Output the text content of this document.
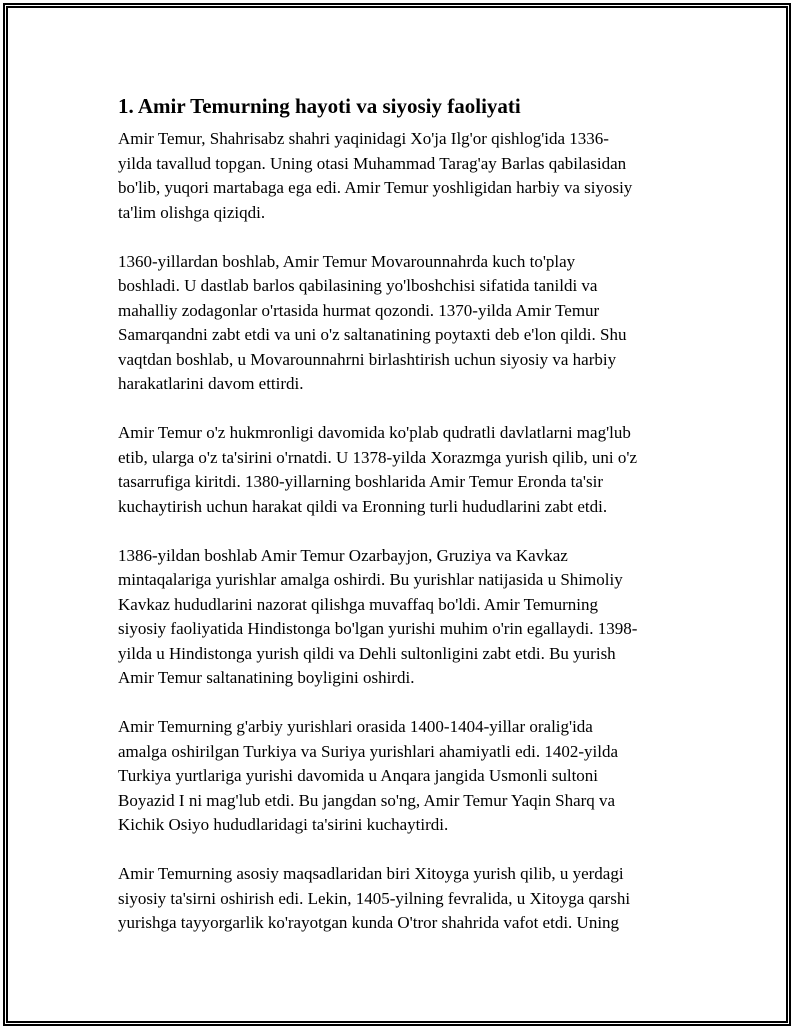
1. Amir Temurning hayoti va siyosiy faoliyati

Amir Temur, Shahrisabz shahri yaqinidagi Xo'ja Ilg'or qishlog'ida 1336-
yilda tavallud topgan. Uning otasi Muhammad Tarag'ay Barlas qabilasidan
bo'lib, yuqori martabaga ega edi. Amir Temur yoshligidan harbiy va siyosiy
ta'lim olishga qiziqdi.

1360-yillardan boshlab, Amir Temur Movarounnahrda kuch to'play
boshladi. U dastlab barlos qabilasining yo'lboshchisi sifatida tanildi va
mahalliy zodagonlar o'rtasida hurmat qozondi. 1370-yilda Amir Temur
Samarqandni zabt etdi va uni o'z saltanatining poytaxti deb e'lon qildi. Shu
vaqtdan boshlab, u Movarounnahrni birlashtirish uchun siyosiy va harbiy
harakatlarini davom ettirdi.

Amir Temur o'z hukmronligi davomida ko'plab qudratli davlatlarni mag'lub
etib, ularga o'z ta'sirini o'rnatdi. U 1378-yilda Xorazmga yurish qilib, uni o'z
tasarrufiga kiritdi. 1380-yillarning boshlarida Amir Temur Eronda ta'sir
kuchaytirish uchun harakat qildi va Eronning turli hududlarini zabt etdi.

1386-yildan boshlab Amir Temur Ozarbayjon, Gruziya va Kavkaz
mintaqalariga yurishlar amalga oshirdi. Bu yurishlar natijasida u Shimoliy
Kavkaz hududlarini nazorat qilishga muvaffaq bo'ldi. Amir Temurning
siyosiy faoliyatida Hindistonga bo'lgan yurishi muhim o'rin egallaydi. 1398-
yilda u Hindistonga yurish qildi va Dehli sultonligini zabt etdi. Bu yurish
Amir Temur saltanatining boyligini oshirdi.

Amir Temurning g'arbiy yurishlari orasida 1400-1404-yillar oralig'ida
amalga oshirilgan Turkiya va Suriya yurishlari ahamiyatli edi. 1402-yilda
Turkiya yurtlariga yurishi davomida u Anqara jangida Usmonli sultoni
Boyazid I ni mag'lub etdi. Bu jangdan so'ng, Amir Temur Yaqin Sharq va
Kichik Osiyo hududlaridagi ta'sirini kuchaytirdi.

Amir Temurning asosiy maqsadlaridan biri Xitoyga yurish qilib, u yerdagi
siyosiy ta'sirni oshirish edi. Lekin, 1405-yilning fevralida, u Xitoyga qarshi
yurishga tayyorgarlik ko'rayotgan kunda O'tror shahrida vafot etdi. Uning
